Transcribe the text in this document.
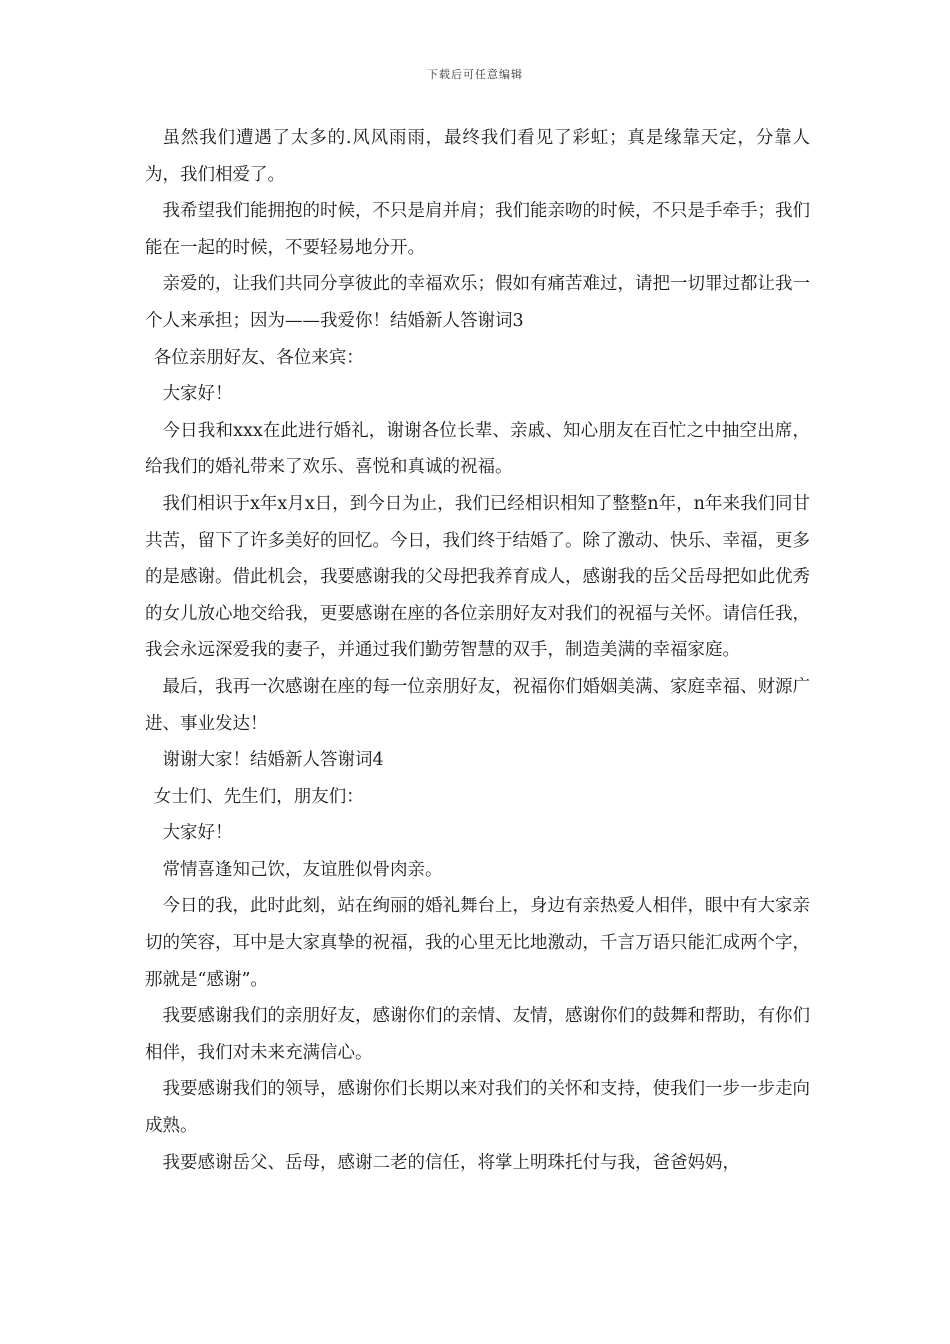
下载后可任意编辑

虽然我们遭遇了太多的.风风雨雨，最终我们看见了彩虹；真是缘靠天定，分靠人为，我们相爱了。

我希望我们能拥抱的时候，不只是肩并肩；我们能亲吻的时候，不只是手牵手；我们能在一起的时候，不要轻易地分开。

亲爱的，让我们共同分享彼此的幸福欢乐；假如有痛苦难过，请把一切罪过都让我一个人来承担；因为——我爱你！结婚新人答谢词3

各位亲朋好友、各位来宾：

大家好！

今日我和xxx在此进行婚礼，谢谢各位长辈、亲戚、知心朋友在百忙之中抽空出席，给我们的婚礼带来了欢乐、喜悦和真诚的祝福。

我们相识于x年x月x日，到今日为止，我们已经相识相知了整整n年，n年来我们同甘共苦，留下了许多美好的回忆。今日，我们终于结婚了。除了激动、快乐、幸福，更多的是感谢。借此机会，我要感谢我的父母把我养育成人，感谢我的岳父岳母把如此优秀的女儿放心地交给我，更要感谢在座的各位亲朋好友对我们的祝福与关怀。请信任我，我会永远深爱我的妻子，并通过我们勤劳智慧的双手，制造美满的幸福家庭。

最后，我再一次感谢在座的每一位亲朋好友，祝福你们婚姻美满、家庭幸福、财源广进、事业发达！

谢谢大家！结婚新人答谢词4

女士们、先生们，朋友们：

大家好！

常情喜逢知己饮，友谊胜似骨肉亲。

今日的我，此时此刻，站在绚丽的婚礼舞台上，身边有亲热爱人相伴，眼中有大家亲切的笑容，耳中是大家真挚的祝福，我的心里无比地激动，千言万语只能汇成两个字，那就是“感谢”。

我要感谢我们的亲朋好友，感谢你们的亲情、友情，感谢你们的鼓舞和帮助，有你们相伴，我们对未来充满信心。

我要感谢我们的领导，感谢你们长期以来对我们的关怀和支持，使我们一步一步走向成熟。

我要感谢岳父、岳母，感谢二老的信任，将掌上明珠托付与我，爸爸妈妈，
